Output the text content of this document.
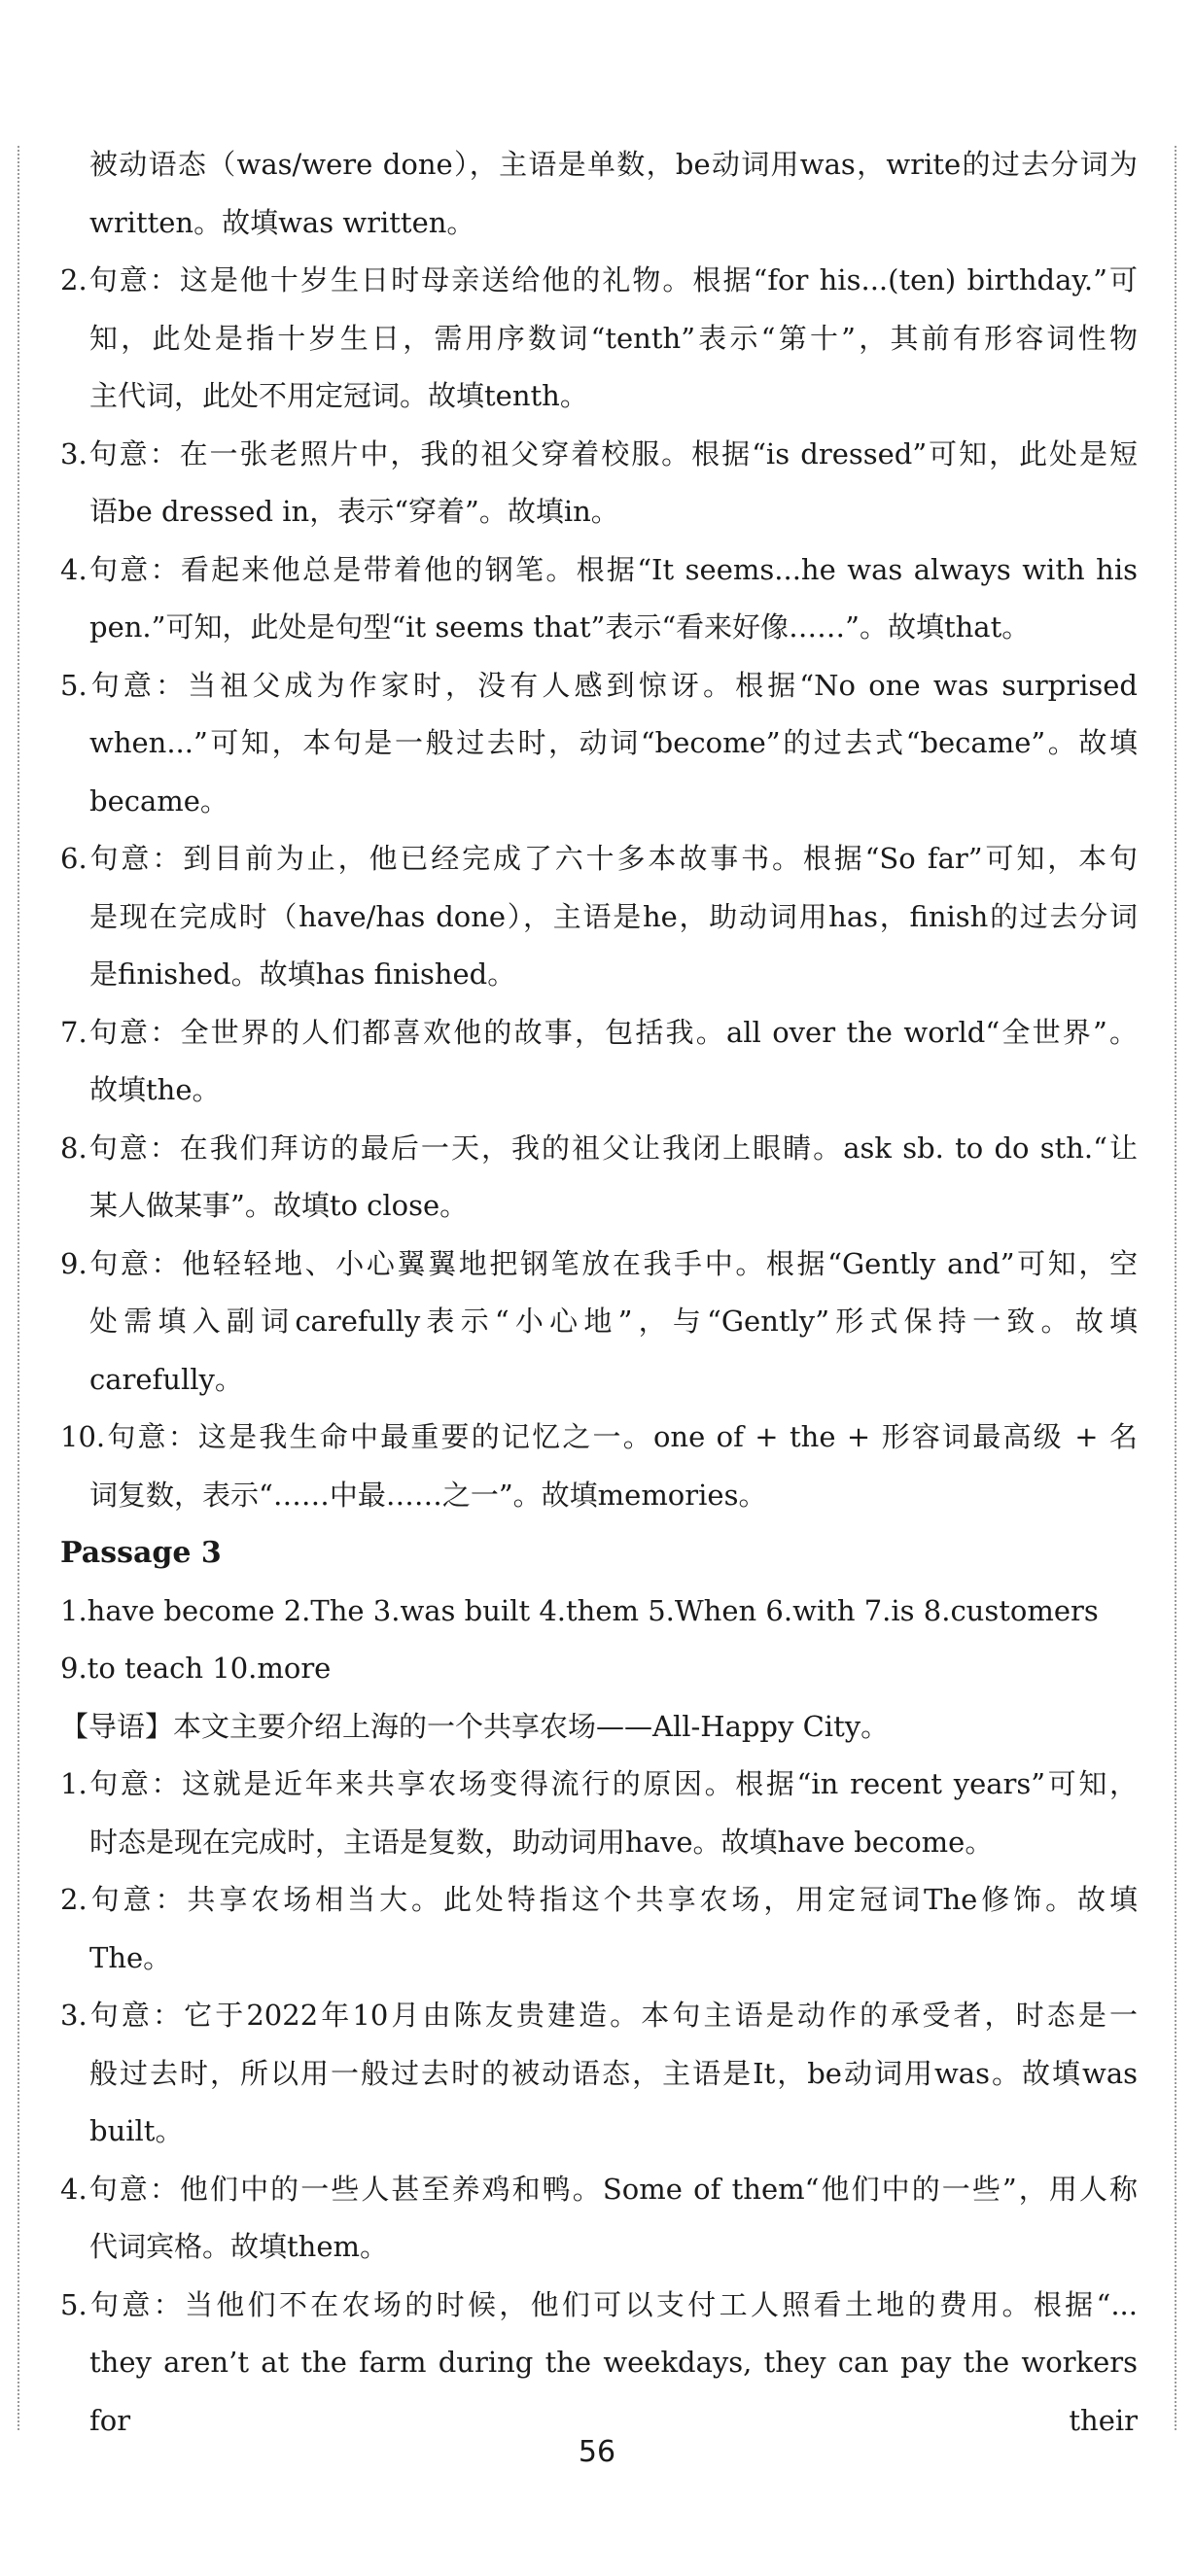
被动语态（was/were done），主语是单数，be动词用was，write的过去分词为
written。故填was written。
2.句意：这是他十岁生日时母亲送给他的礼物。根据“for his...(ten) birthday.”可
知，此处是指十岁生日，需用序数词“tenth”表示“第十”，其前有形容词性物
主代词，此处不用定冠词。故填tenth。
3.句意：在一张老照片中，我的祖父穿着校服。根据“is dressed”可知，此处是短
语be dressed in，表示“穿着”。故填in。
4.句意：看起来他总是带着他的钢笔。根据“It seems...he was always with his
pen.”可知，此处是句型“it seems that”表示“看来好像……”。故填that。
5.句意：当祖父成为作家时，没有人感到惊讶。根据“No one was surprised
when...”可知，本句是一般过去时，动词“become”的过去式“became”。故填
became。
6.句意：到目前为止，他已经完成了六十多本故事书。根据“So far”可知，本句
是现在完成时（have/has done），主语是he，助动词用has，finish的过去分词
是finished。故填has finished。
7.句意：全世界的人们都喜欢他的故事，包括我。all over the world“全世界”。
故填the。
8.句意：在我们拜访的最后一天，我的祖父让我闭上眼睛。ask sb. to do sth.“让
某人做某事”。故填to close。
9.句意：他轻轻地、小心翼翼地把钢笔放在我手中。根据“Gently and”可知，空
处需填入副词carefully表示“小心地”，与“Gently”形式保持一致。故填
carefully。
10.句意：这是我生命中最重要的记忆之一。one of + the + 形容词最高级 + 名
词复数，表示“……中最……之一”。故填memories。
Passage 3
1.have become 2.The 3.was built 4.them 5.When 6.with 7.is 8.customers
9.to teach 10.more
【导语】本文主要介绍上海的一个共享农场——All-Happy City。
1.句意：这就是近年来共享农场变得流行的原因。根据“in recent years”可知，
时态是现在完成时，主语是复数，助动词用have。故填have become。
2.句意：共享农场相当大。此处特指这个共享农场，用定冠词The修饰。故填
The。
3.句意：它于2022年10月由陈友贵建造。本句主语是动作的承受者，时态是一
般过去时，所以用一般过去时的被动语态，主语是It，be动词用was。故填was
built。
4.句意：他们中的一些人甚至养鸡和鸭。Some of them“他们中的一些”，用人称
代词宾格。故填them。
5.句意：当他们不在农场的时候，他们可以支付工人照看土地的费用。根据“...
they aren’t at the farm during the weekdays, they can pay the workers for their
56
